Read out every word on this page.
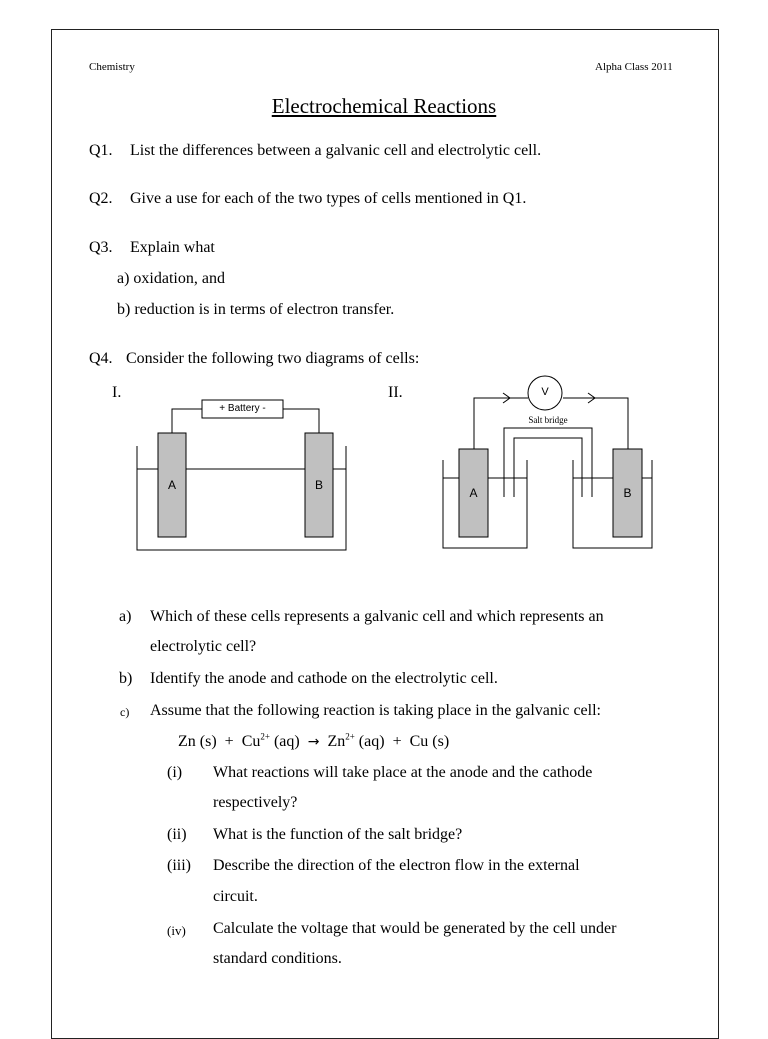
Chemistry	Alpha Class 2011
Electrochemical Reactions
Q1. List the differences between a galvanic cell and electrolytic cell.
Q2. Give a use for each of the two types of cells mentioned in Q1.
Q3. Explain what
a) oxidation, and
b) reduction is in terms of electron transfer.
Q4. Consider the following two diagrams of cells:
I.	II.
+ Battery -
A	B
V
Salt bridge
A	B
a) Which of these cells represents a galvanic cell and which represents an
electrolytic cell?
b) Identify the anode and cathode on the electrolytic cell.
c) Assume that the following reaction is taking place in the galvanic cell:
Zn $(s) + Cu^{2+}$ $(aq) \to Zn^{2+}$ (aq) + Cu (s)
(i) What reactions will take place at the anode and the cathode
respectively?
(ii) What is the function of the salt bridge?
(iii) Describe the direction of the electron flow in the external
circuit.
(iv) Calculate the voltage that would be generated by the cell under
standard conditions.
